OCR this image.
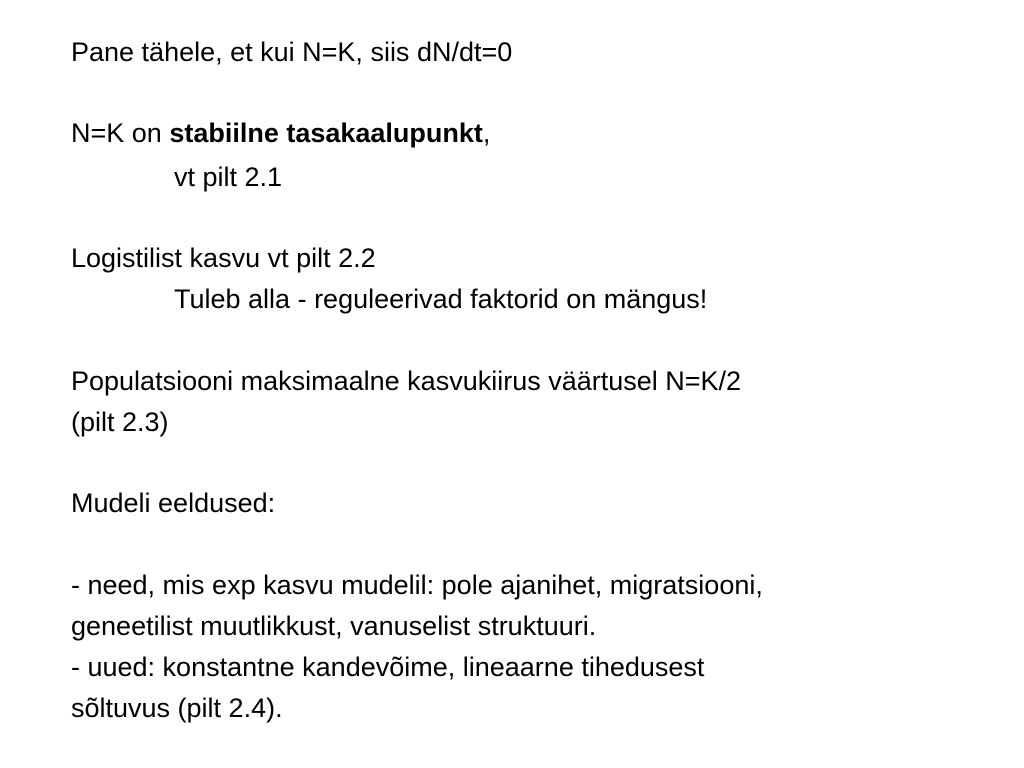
Pane tähele, et kui N=K, siis dN/dt=0
N=K on stabiilne tasakaalupunkt,
vt pilt 2.1
Logistilist kasvu vt pilt 2.2
Tuleb alla - reguleerivad faktorid on mängus!
Populatsiooni maksimaalne kasvukiirus väärtusel N=K/2
(pilt 2.3)
Mudeli eeldused:
- need, mis exp kasvu mudelil: pole ajanihet, migratsiooni,
geneetilist muutlikkust, vanuselist struktuuri.
- uued: konstantne kandevõime, lineaarne tihedusest
sõltuvus (pilt 2.4).
